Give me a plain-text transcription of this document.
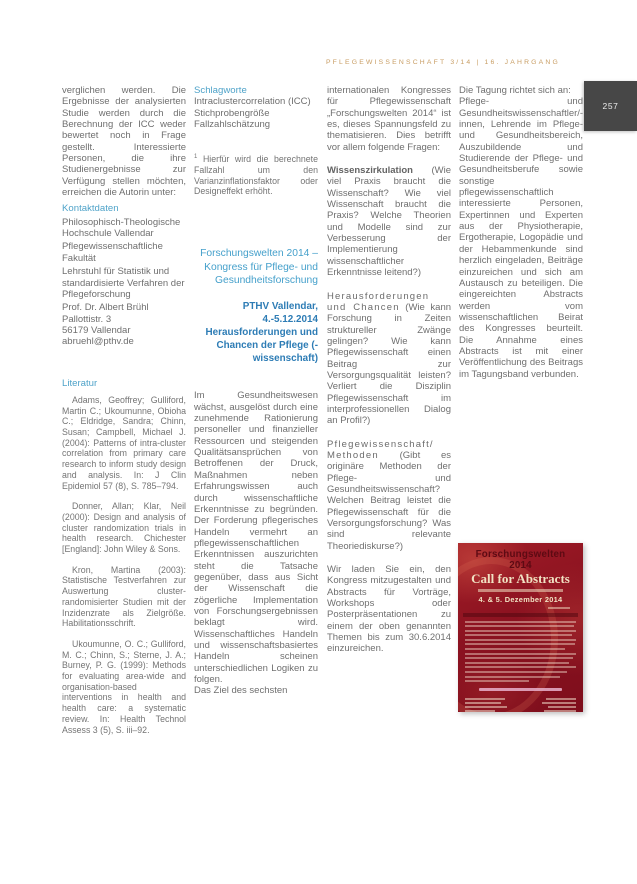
PFLEGEWISSENSCHAFT 3/14 | 16. JAHRGANG
257

verglichen werden. Die Ergebnisse der analysierten Studie werden durch die Berechnung der ICC weder bewertet noch in Frage gestellt. Interessierte Personen, die ihre Studienergebnisse zur Verfügung stellen möchten, erreichen die Autorin unter:

Kontaktdaten
Philosophisch-Theologische Hochschule Vallendar
Pflegewissenschaftliche Fakultät
Lehrstuhl für Statistik und standardisierte Verfahren der Pflegeforschung
Prof. Dr. Albert Brühl
Pallottistr. 3
56179 Vallendar
abruehl@pthv.de
Literatur

Adams, Geoffrey; Gulliford, Martin C.; Ukoumunne, Obioha C.; Eldridge, Sandra; Chinn, Susan; Campbell, Michael J. (2004): Patterns of intra-cluster correlation from primary care research to inform study design and analysis. In: J Clin Epidemiol 57 (8), S. 785–794.

Donner, Allan; Klar, Neil (2000): Design and analysis of cluster randomization trials in health research. Chichester [England]: John Wiley & Sons.

Kron, Martina (2003): Statistische Testverfahren zur Auswertung cluster-randomisierter Studien mit der Inzidenzrate als Zielgröße. Habilitationsschrift.

Ukoumunne, O. C.; Gulliford, M. C.; Chinn, S.; Sterne, J. A.; Burney, P. G. (1999): Methods for evaluating area-wide and organisation-based interventions in health and health care: a systematic review. In: Health Technol Assess 3 (5), S. iii–92.

Schlagworte
Intraclustercorrelation (ICC)
Stichprobengröße
Fallzahlschätzung
$^1$ Hierfür wird die berechnete Fallzahl um den Varianzinflationsfaktor oder Designeffekt erhöht.
Forschungswelten 2014 – Kongress für Pflege- und Gesundheitsforschung
PTHV Vallendar, 4.-5.12.2014
Herausforderungen und Chancen der Pflege (-wissenschaft)

Im Gesundheitswesen wächst, ausgelöst durch eine zunehmende Rationierung personeller und finanzieller Ressourcen und steigenden Qualitätsansprüchen von Betroffenen der Druck, Maßnahmen neben Erfahrungswissen auch durch wissenschaftliche Erkenntnisse zu begründen. Der Forderung pflegerisches Handeln vermehrt an pflegewissenschaftlichen Erkenntnissen auszurichten steht die Tatsache gegenüber, dass aus Sicht der Wissenschaft die zögerliche Implementation von Forschungsergebnissen beklagt wird. Wissenschaftliches Handeln und wissenschaftsbasiertes Handeln scheinen unterschiedlichen Logiken zu folgen.

Das Ziel des sechsten

internationalen Kongresses für Pflegewissenschaft „Forschungswelten 2014“ ist es, dieses Spannungsfeld zu thematisieren. Dies betrifft vor allem folgende Fragen:

Wissenszirkulation (Wie viel Praxis braucht die Wissenschaft? Wie viel Wissenschaft braucht die Praxis? Welche Theorien und Modelle sind zur Verbesserung der Implementierung wissenschaftlicher Erkenntnisse leitend?)

Herausforderungen und Chancen (Wie kann Forschung in Zeiten struktureller Zwänge gelingen? Wie kann Pflegewissenschaft einen Beitrag zur Versorgungsqualität leisten? Verliert die Disziplin Pflegewissenschaft im interprofessionellen Dialog an Profil?)

Pflegewissenschaft/ Methoden (Gibt es originäre Methoden der Pflege- und Gesundheitswissenschaft? Welchen Beitrag leistet die Pflegewissenschaft für die Versorgungsforschung? Was sind relevante Theoriediskurse?)

Wir laden Sie ein, den Kongress mitzugestalten und Abstracts für Vorträge, Workshops oder Posterpräsentationen zu einem der oben genannten Themen bis zum 30.6.2014 einzureichen.

Die Tagung richtet sich an:

Pflege- und Gesundheitswissenschaftler/-innen, Lehrende im Pflege- und Gesundheitsbereich, Auszubildende und Studierende der Pflege- und Gesundheitsberufe sowie sonstige pflegewissenschaftlich interessierte Personen, Expertinnen und Experten aus der Physiotherapie, Ergotherapie, Logopädie und der Hebammenkunde sind herzlich eingeladen, Beiträge einzureichen und sich am Austausch zu beteiligen. Die eingereichten Abstracts werden vom wissenschaftlichen Beirat des Kongresses beurteilt. Die Annahme eines Abstracts ist mit einer Veröffentlichung des Beitrags im Tagungsband verbunden.

Forschungswelten 2014
Call for Abstracts
4. & 5. Dezember 2014
